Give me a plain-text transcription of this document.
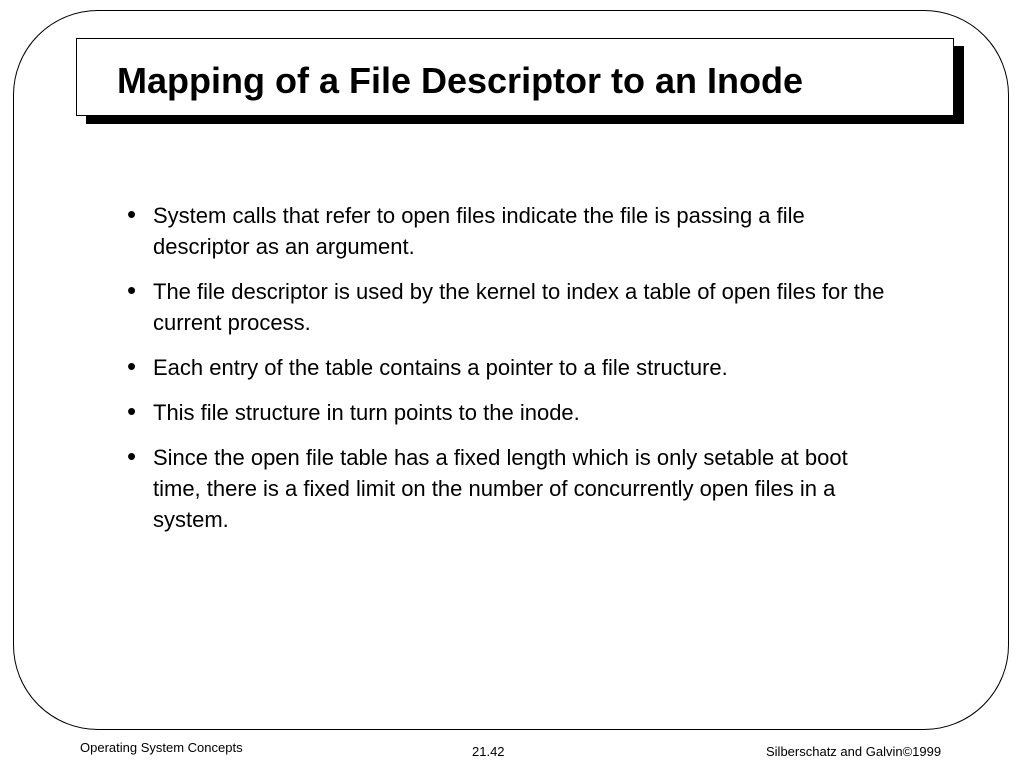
Mapping of a File Descriptor to an Inode
• System calls that refer to open files indicate the file is passing a file descriptor as an argument.
• The file descriptor is used by the kernel to index a table of open files for the current process.
• Each entry of the table contains a pointer to a file structure.
• This file structure in turn points to the inode.
• Since the open file table has a fixed length which is only setable at boot time, there is a fixed limit on the number of concurrently open files in a system.
Operating System Concepts	21.42	Silberschatz and Galvin©1999
